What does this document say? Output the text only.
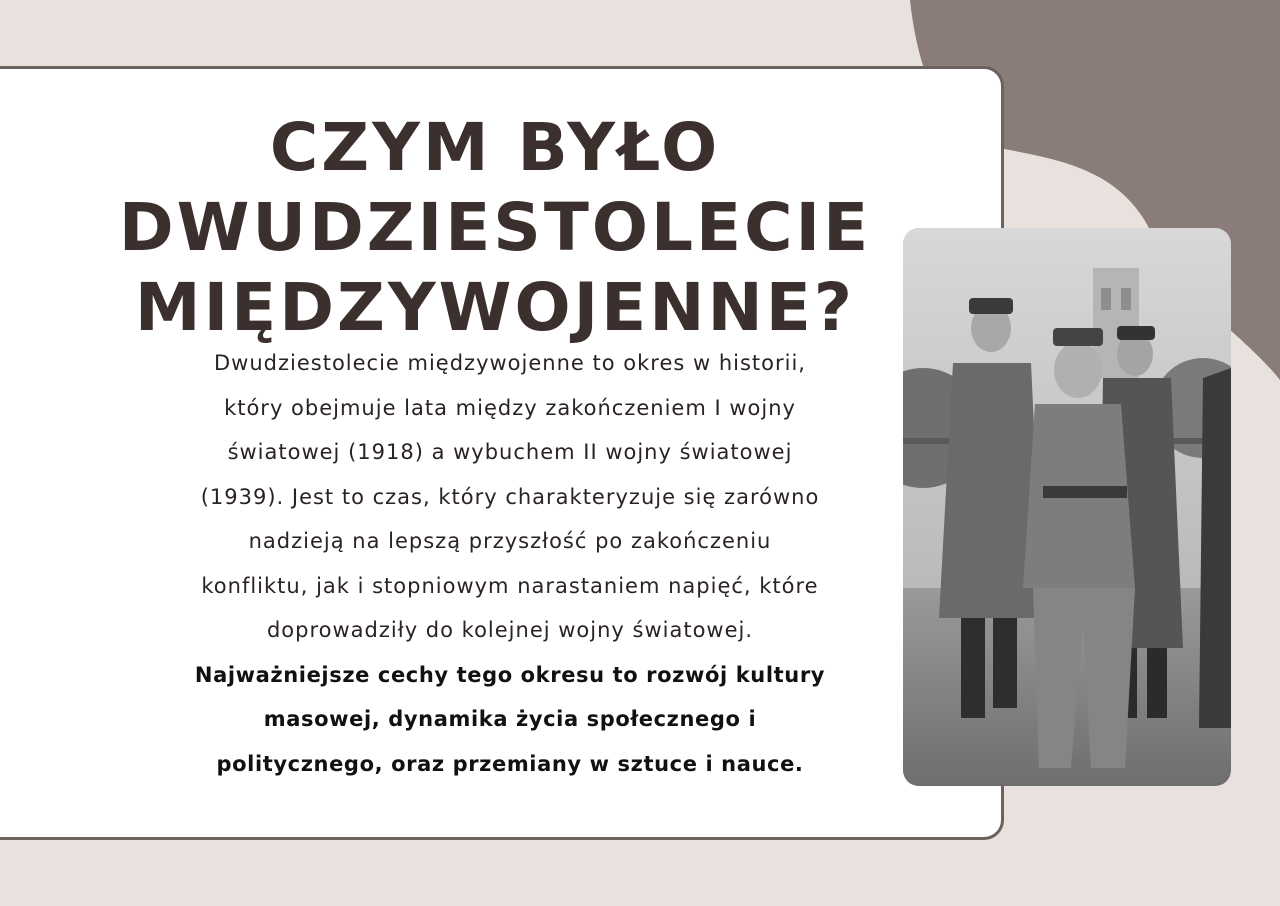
CZYM BYŁO
DWUDZIESTOLECIE
MIĘDZYWOJENNE?

Dwudziestolecie międzywojenne to okres w historii,
który obejmuje lata między zakończeniem I wojny
światowej (1918) a wybuchem II wojny światowej
(1939). Jest to czas, który charakteryzuje się zarówno
nadzieją na lepszą przyszłość po zakończeniu
konfliktu, jak i stopniowym narastaniem napięć, które
doprowadziły do kolejnej wojny światowej.
Najważniejsze cechy tego okresu to rozwój kultury
masowej, dynamika życia społecznego i
politycznego, oraz przemiany w sztuce i nauce.
